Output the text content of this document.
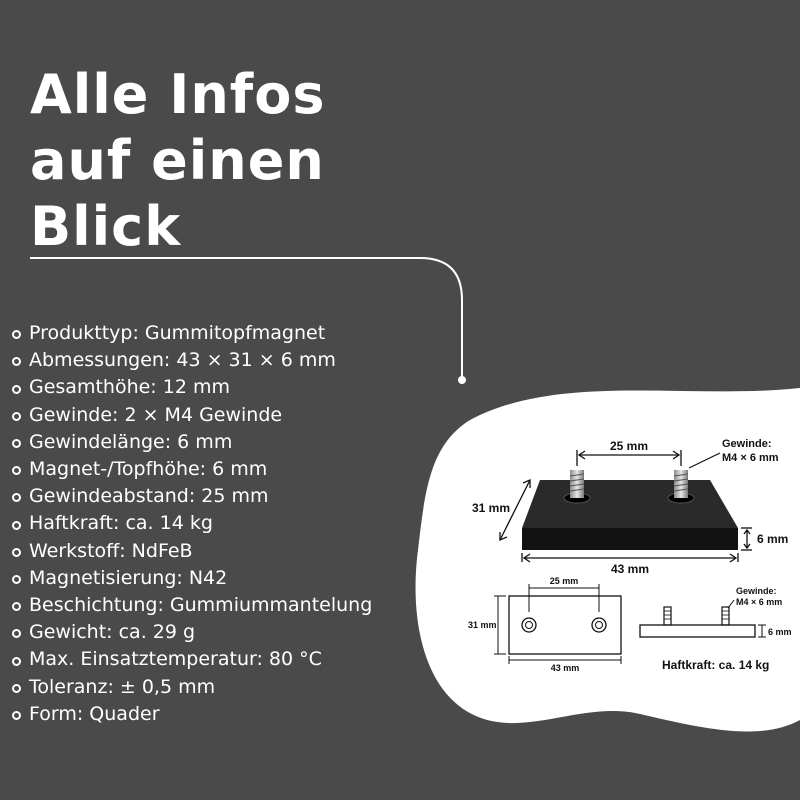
Alle Infos
auf einen
Blick
Produkttyp: Gummitopfmagnet
Abmessungen: 43 × 31 × 6 mm
Gesamthöhe: 12 mm
Gewinde: 2 × M4 Gewinde
Gewindelänge: 6 mm
Magnet-/Topfhöhe: 6 mm
Gewindeabstand: 25 mm
Haftkraft: ca. 14 kg
Werkstoff: NdFeB
Magnetisierung: N42
Beschichtung: Gummiummantelung
Gewicht: ca. 29 g
Max. Einsatztemperatur: 80 °C
Toleranz: ± 0,5 mm
Form: Quader
25 mm	Gewinde:
M4 × 6 mm
31 mm
6 mm
43 mm
25 mm
31 mm
43 mm
Gewinde:
M4 × 6 mm
6 mm
Haftkraft: ca. 14 kg
